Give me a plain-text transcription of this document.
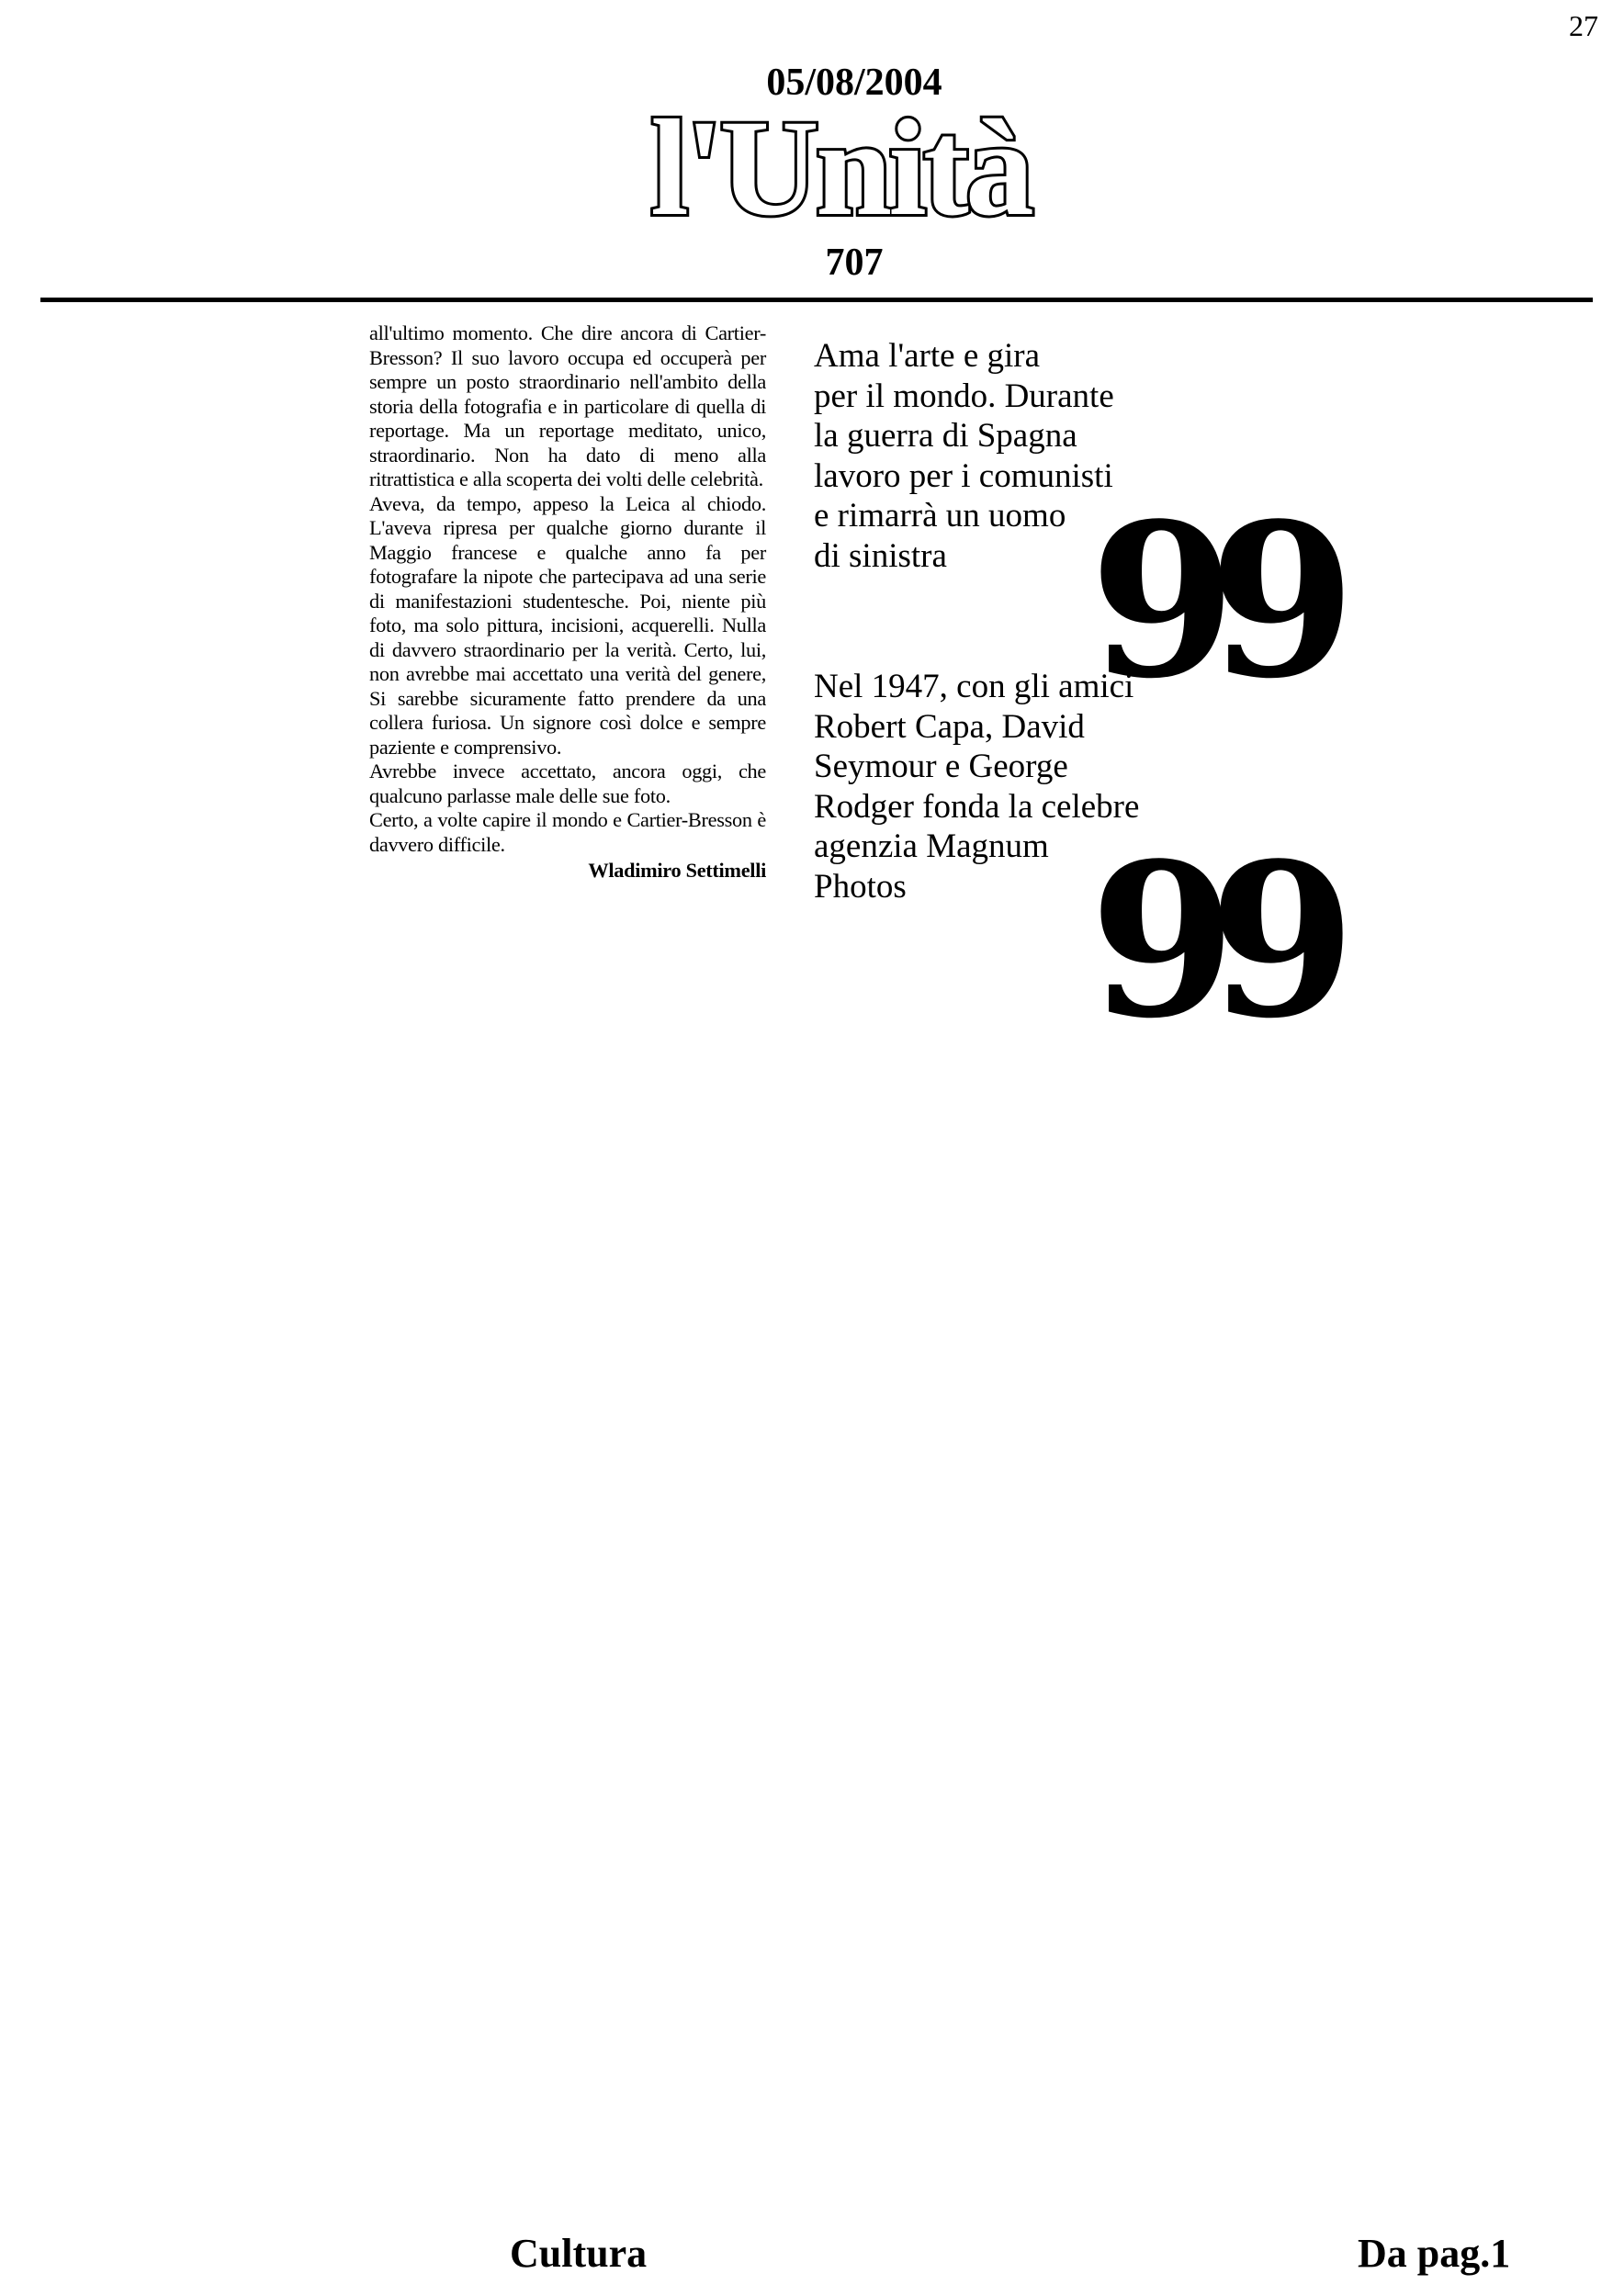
27
05/08/2004
l'Unità
707

all'ultimo momento. Che dire ancora di Cartier-Bresson? Il suo lavoro occupa ed occuperà per sempre un posto straordinario nell'ambito della storia della fotografia e in particolare di quella di reportage. Ma un reportage meditato, unico, straordinario. Non ha dato di meno alla ritrattistica e alla scoperta dei volti delle celebrità.

Aveva, da tempo, appeso la Leica al chiodo. L'aveva ripresa per qualche giorno durante il Maggio francese e qualche anno fa per fotografare la nipote che partecipava ad una serie di manifestazioni studentesche. Poi, niente più foto, ma solo pittura, incisioni, acquerelli. Nulla di davvero straordinario per la verità. Certo, lui, non avrebbe mai accettato una verità del genere, Si sarebbe sicuramente fatto prendere da una collera furiosa. Un signore così dolce e sempre paziente e comprensivo.

Avrebbe invece accettato, ancora oggi, che qualcuno parlasse male delle sue foto.

Certo, a volte capire il mondo e Cartier-Bresson è davvero difficile.

Wladimiro Settimelli

Ama l'arte e gira
per il mondo. Durante
la guerra di Spagna
lavoro per i comunisti
e rimarrà un uomo
di sinistra 99
Nel 1947, con gli amici
Robert Capa, David
Seymour e George
Rodger fonda la celebre
agenzia Magnum
Photos 99
Cultura	Da pag.1
